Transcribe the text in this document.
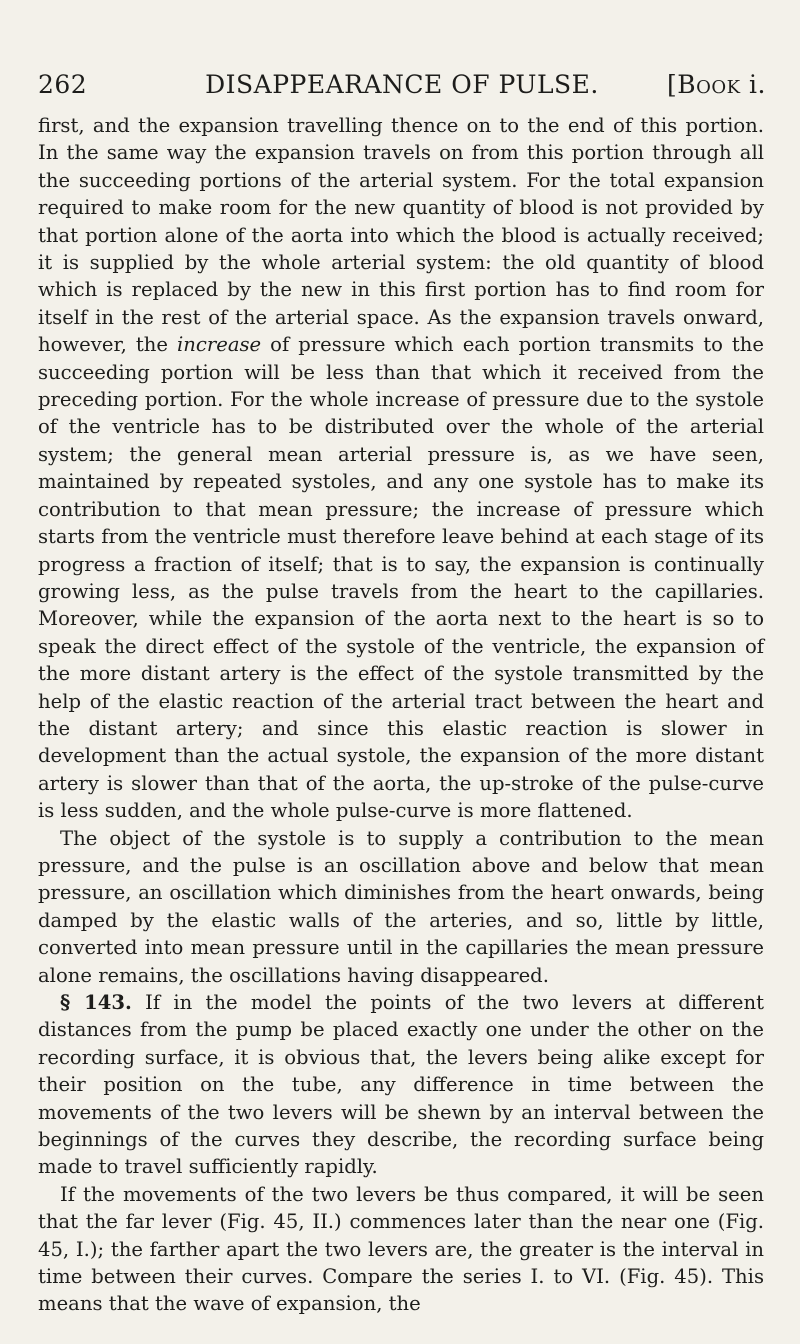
262	DISAPPEARANCE OF PULSE.	[Book i.

first, and the expansion travelling thence on to the end of this portion. In the same way the expansion travels on from this portion through all the succeeding portions of the arterial system. For the total expansion required to make room for the new quantity of blood is not provided by that portion alone of the aorta into which the blood is actually received; it is supplied by the whole arterial system: the old quantity of blood which is replaced by the new in this first portion has to find room for itself in the rest of the arterial space. As the expansion travels onward, however, the increase of pressure which each portion transmits to the succeeding portion will be less than that which it received from the preceding portion. For the whole increase of pressure due to the systole of the ventricle has to be distributed over the whole of the arterial system; the general mean arterial pressure is, as we have seen, maintained by repeated systoles, and any one systole has to make its contribution to that mean pressure; the increase of pressure which starts from the ventricle must therefore leave behind at each stage of its progress a fraction of itself; that is to say, the expansion is continually growing less, as the pulse travels from the heart to the capillaries. Moreover, while the expansion of the aorta next to the heart is so to speak the direct effect of the systole of the ventricle, the expansion of the more distant artery is the effect of the systole transmitted by the help of the elastic reaction of the arterial tract between the heart and the distant artery; and since this elastic reaction is slower in development than the actual systole, the expansion of the more distant artery is slower than that of the aorta, the up-stroke of the pulse-curve is less sudden, and the whole pulse-curve is more flattened.

The object of the systole is to supply a contribution to the mean pressure, and the pulse is an oscillation above and below that mean pressure, an oscillation which diminishes from the heart onwards, being damped by the elastic walls of the arteries, and so, little by little, converted into mean pressure until in the capillaries the mean pressure alone remains, the oscillations having disappeared.

§ 143. If in the model the points of the two levers at different distances from the pump be placed exactly one under the other on the recording surface, it is obvious that, the levers being alike except for their position on the tube, any difference in time between the movements of the two levers will be shewn by an interval between the beginnings of the curves they describe, the recording surface being made to travel sufficiently rapidly.

If the movements of the two levers be thus compared, it will be seen that the far lever (Fig. 45, II.) commences later than the near one (Fig. 45, I.); the farther apart the two levers are, the greater is the interval in time between their curves. Compare the series I. to VI. (Fig. 45). This means that the wave of expansion, the
